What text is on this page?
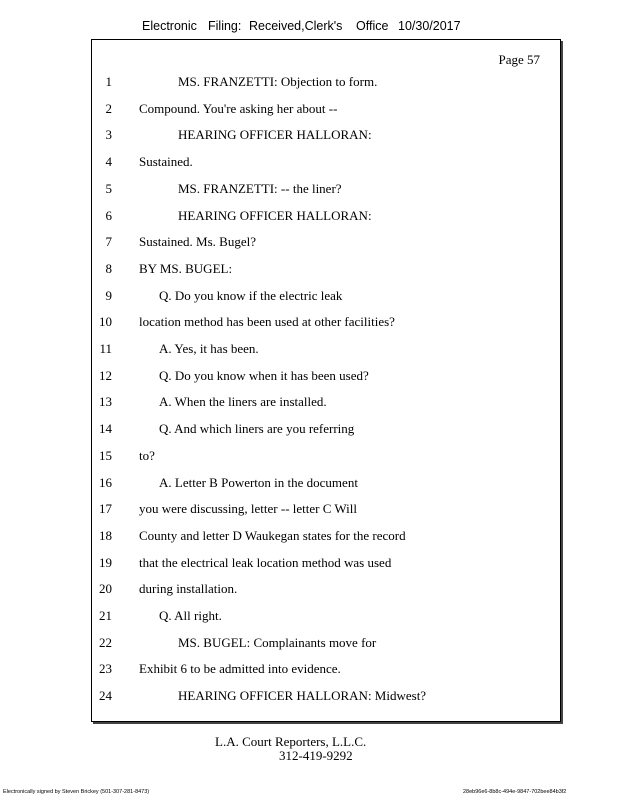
Electronic Filing: Received,Clerk's Office 10/30/2017
Page 57
1	MS. FRANZETTI: Objection to form.
2 Compound. You're asking her about --
3	HEARING OFFICER HALLORAN:
4 Sustained.
5	MS. FRANZETTI: -- the liner?
6	HEARING OFFICER HALLORAN:
7 Sustained. Ms. Bugel?
8 BY MS. BUGEL:
9	Q. Do you know if the electric leak
10 location method has been used at other facilities?
11	A. Yes, it has been.
12	Q. Do you know when it has been used?
13	A. When the liners are installed.
14	Q. And which liners are you referring
15 to?
16	A. Letter B Powerton in the document
17 you were discussing, letter -- letter C Will
18 County and letter D Waukegan states for the record
19 that the electrical leak location method was used
20 during installation.
21	Q. All right.
22	MS. BUGEL: Complainants move for
23 Exhibit 6 to be admitted into evidence.
24	HEARING OFFICER HALLORAN: Midwest?
L.A. Court Reporters, L.L.C.
312-419-9292
Electronically signed by Steven Brickey (501-307-281-8473)	28eb96e6-8b8c-494e-9847-702bee84b3f2
